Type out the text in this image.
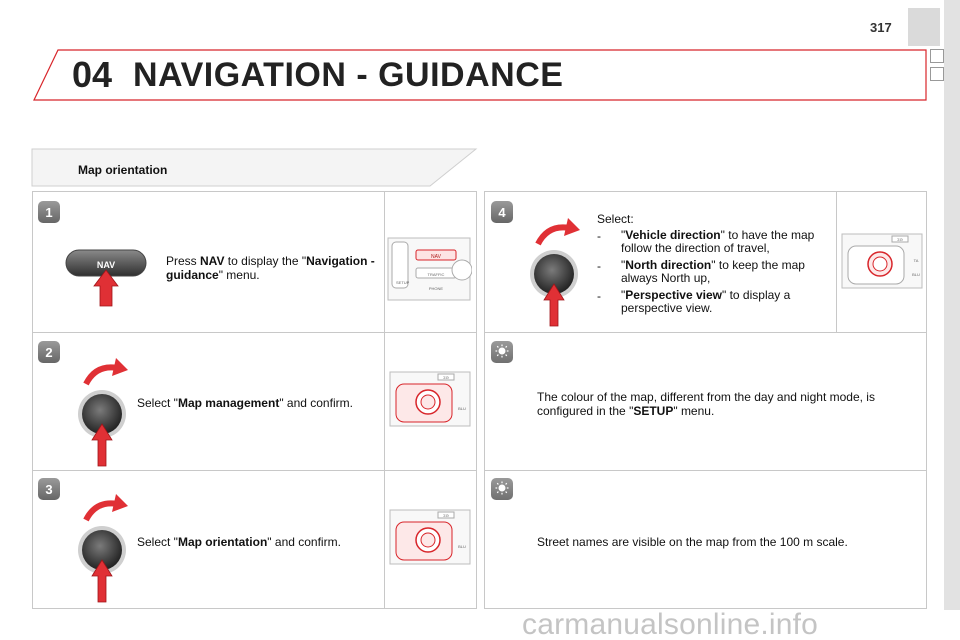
317
04 NAVIGATION - GUIDANCE
Map orientation
1
NAV	Press NAV to display the "Navigation - guidance" menu.
NAV
TRAFFIC
SETUP
PHONE
2
Select "Map management" and confirm.
ΣΘ
BLU
3
Select "Map orientation" and confirm.
ΣΘ
BLU
4	Select:
- "Vehicle direction" to have the map follow the direction of travel,
- "North direction" to keep the map always North up,
- "Perspective view" to display a perspective view.
ΣΘ
TA
BLU
The colour of the map, different from the day and night mode, is configured in the "SETUP" menu.
Street names are visible on the map from the 100 m scale.
carmanualsonline.info
